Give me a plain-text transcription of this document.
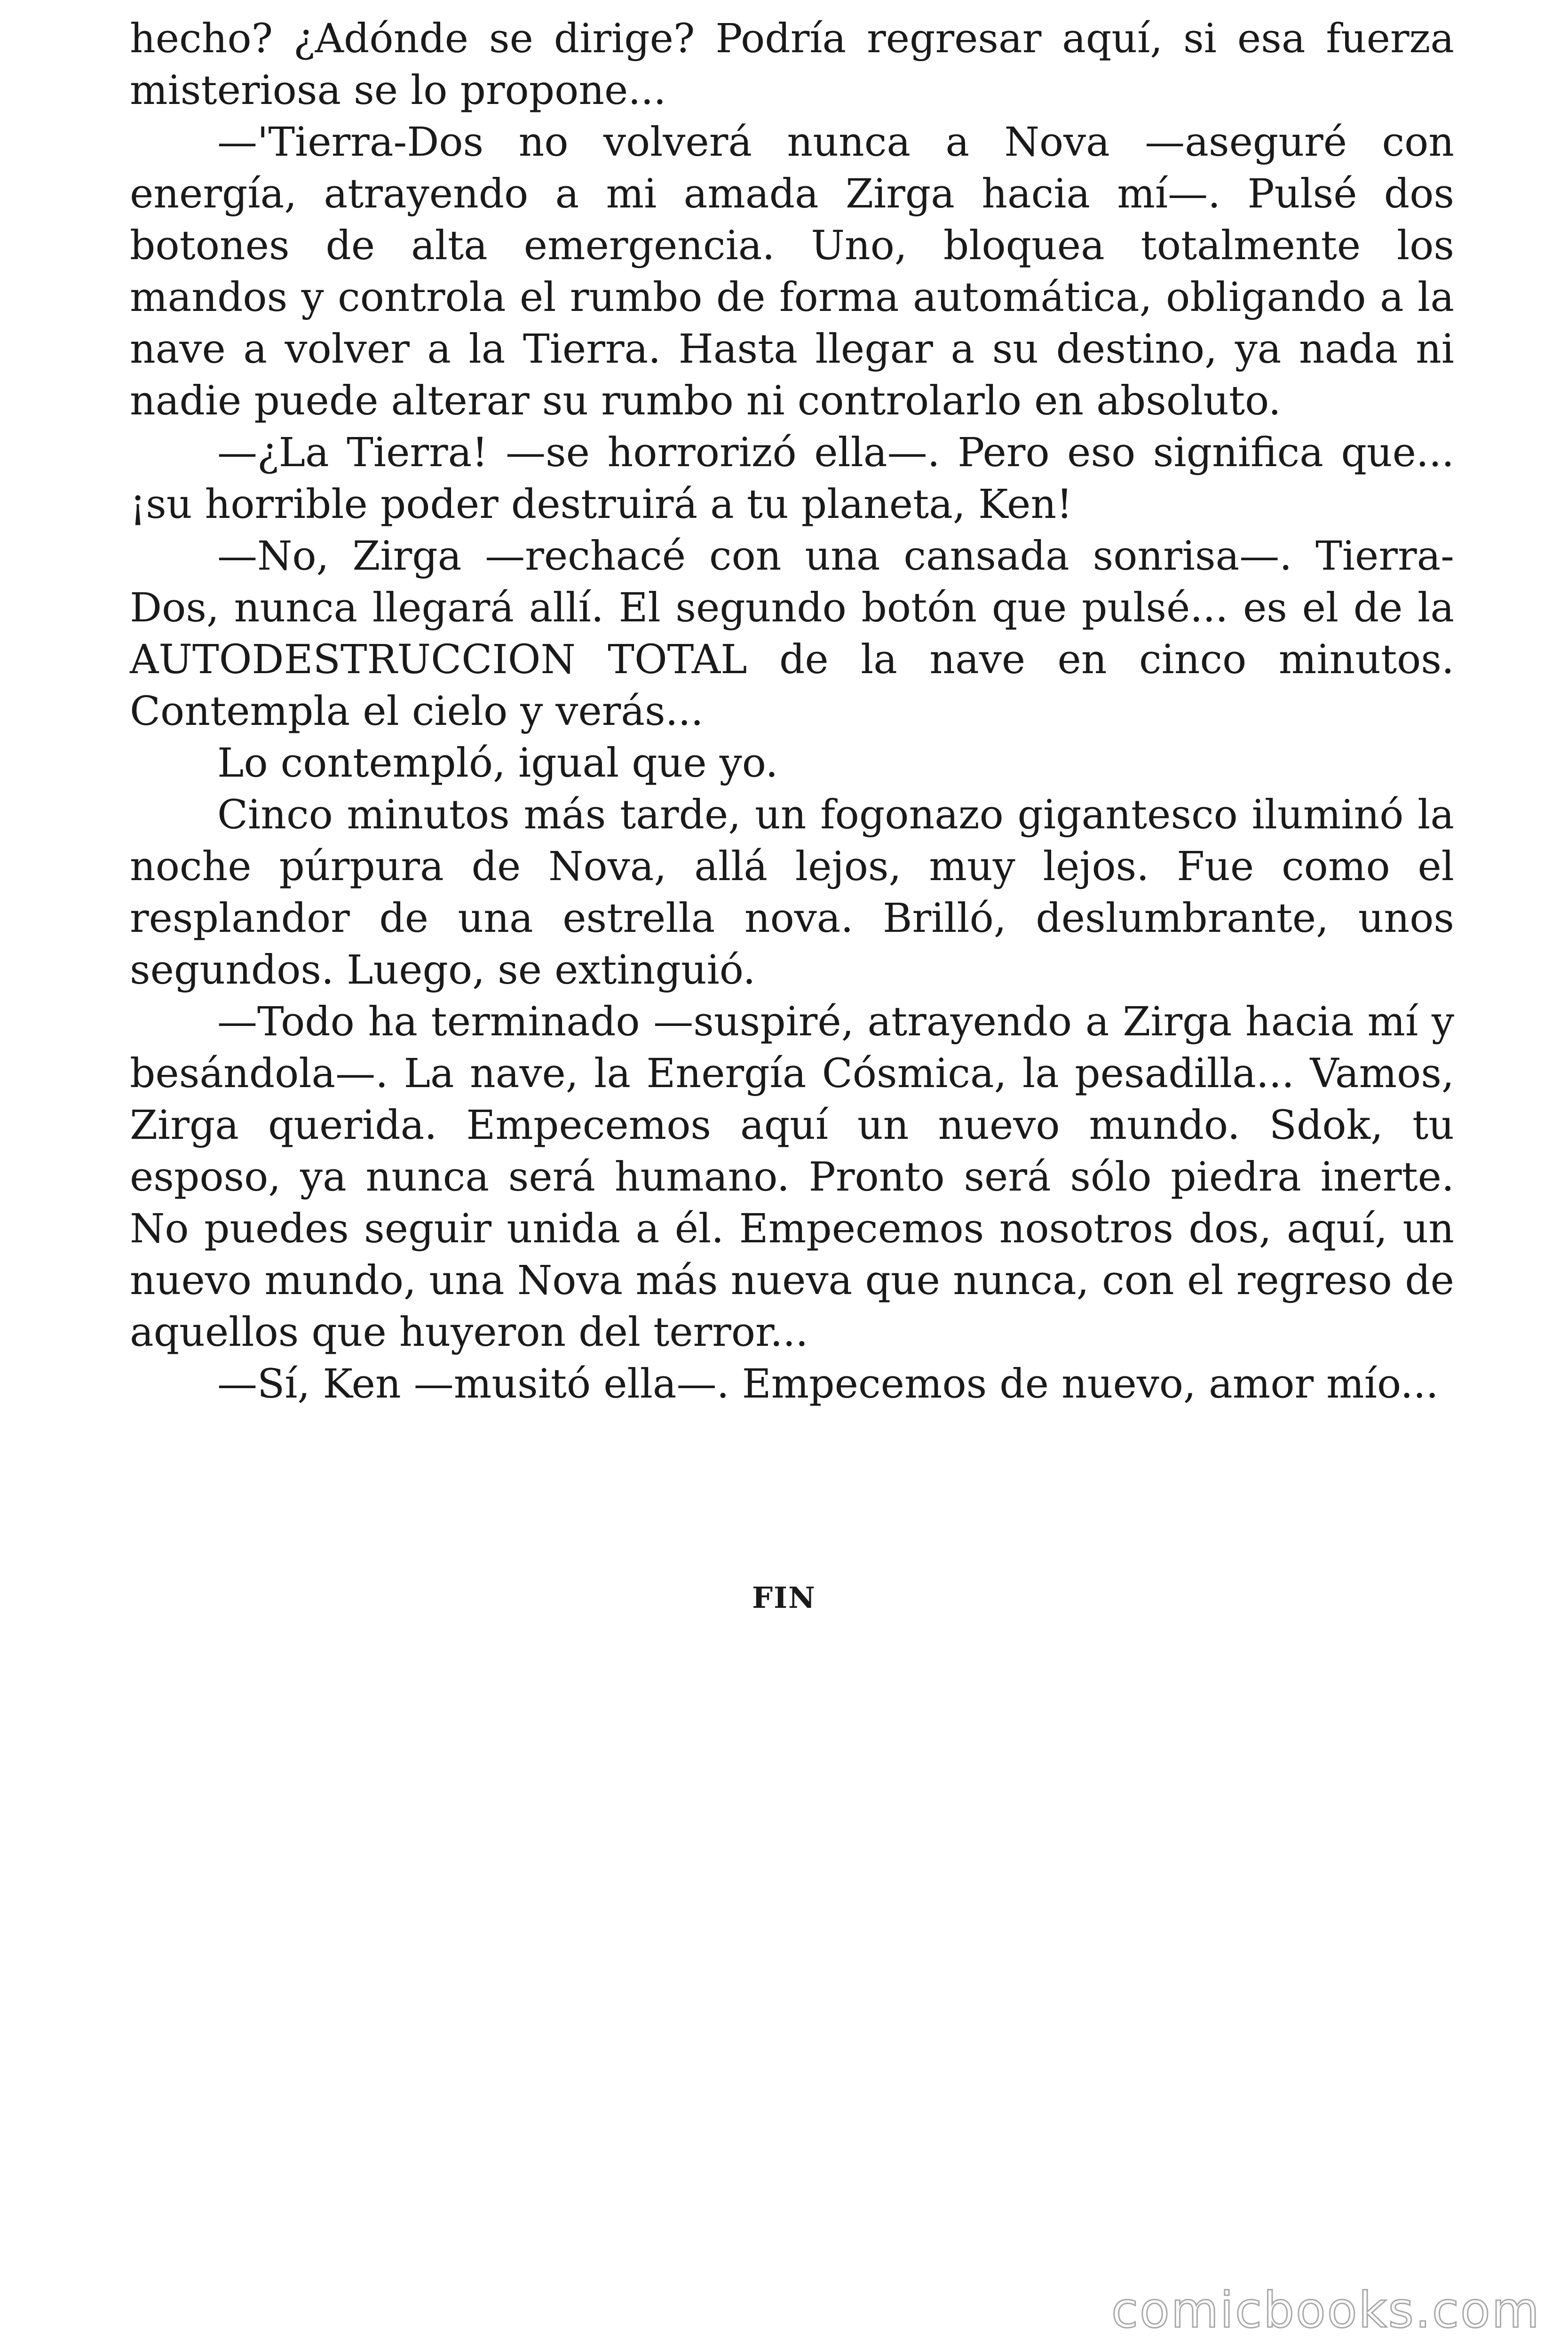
hecho? ¿Adónde se dirige? Podría regresar aquí, si esa fuerza misteriosa se lo propone...

—'Tierra-Dos no volverá nunca a Nova —aseguré con energía, atrayendo a mi amada Zirga hacia mí—. Pulsé dos botones de alta emergencia. Uno, bloquea totalmente los mandos y controla el rumbo de forma automática, obligando a la nave a volver a la Tierra. Hasta llegar a su destino, ya nada ni nadie puede alterar su rumbo ni controlarlo en absoluto.

—¿La Tierra! —se horrorizó ella—. Pero eso significa que... ¡su horrible poder destruirá a tu planeta, Ken!

—No, Zirga —rechacé con una cansada sonrisa—. Tierra- Dos, nunca llegará allí. El segundo botón que pulsé... es el de la AUTODESTRUCCION TOTAL de la nave en cinco minutos. Contempla el cielo y verás...

Lo contempló, igual que yo.

Cinco minutos más tarde, un fogonazo gigantesco iluminó la noche púrpura de Nova, allá lejos, muy lejos. Fue como el resplandor de una estrella nova. Brilló, deslumbrante, unos segundos. Luego, se extinguió.

—Todo ha terminado —suspiré, atrayendo a Zirga hacia mí y besándola—. La nave, la Energía Cósmica, la pesadilla... Vamos, Zirga querida. Empecemos aquí un nuevo mundo. Sdok, tu esposo, ya nunca será humano. Pronto será sólo piedra inerte. No puedes seguir unida a él. Empecemos nosotros dos, aquí, un nuevo mundo, una Nova más nueva que nunca, con el regreso de aquellos que huyeron del terror...

—Sí, Ken —musitó ella—. Empecemos de nuevo, amor mío...

FIN
comicbooks.com
